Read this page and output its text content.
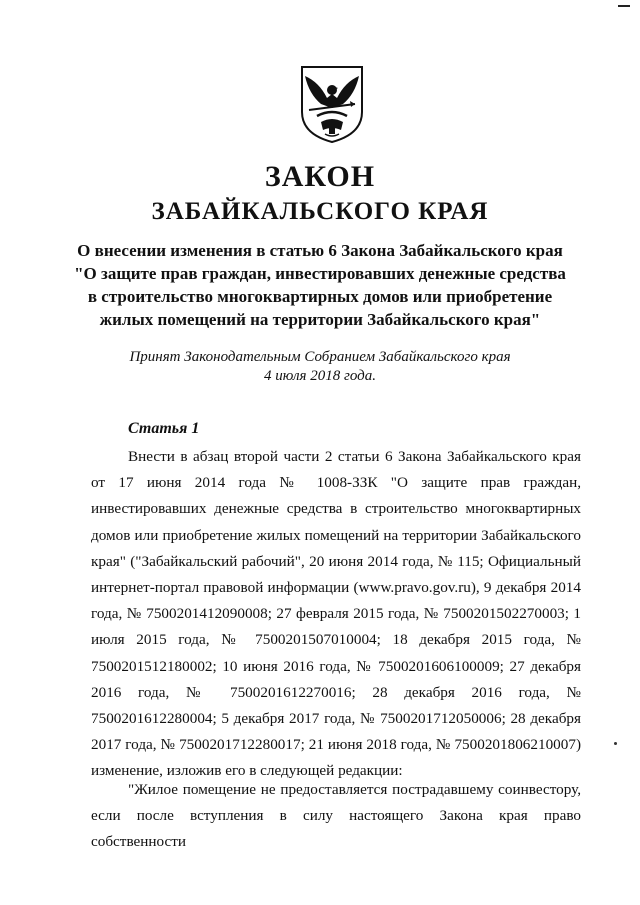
ЗАКОН
ЗАБАЙКАЛЬСКОГО КРАЯ
О внесении изменения в статью 6 Закона Забайкальского края
"О защите прав граждан, инвестировавших денежные средства
в строительство многоквартирных домов или приобретение
жилых помещений на территории Забайкальского края"
Принят Законодательным Собранием Забайкальского края
4 июля 2018 года.
Статья 1

Внести в абзац второй части 2 статьи 6 Закона Забайкальского края от 17 июня 2014 года № 1008-ЗЗК "О защите прав граждан, инвестировавших денежные средства в строительство многоквартирных домов или приобретение жилых помещений на территории Забайкальского края" ("Забайкальский рабочий", 20 июня 2014 года, № 115; Официальный интернет-портал правовой информации (www.pravo.gov.ru), 9 декабря 2014 года, № 7500201412090008; 27 февраля 2015 года, № 7500201502270003; 1 июля 2015 года, № 7500201507010004; 18 декабря 2015 года, № 7500201512180002; 10 июня 2016 года, № 7500201606100009; 27 декабря 2016 года, № 7500201612270016; 28 декабря 2016 года, № 7500201612280004; 5 декабря 2017 года, № 7500201712050006; 28 декабря 2017 года, № 7500201712280017; 21 июня 2018 года, № 7500201806210007) изменение, изложив его в следующей редакции:

"Жилое помещение не предоставляется пострадавшему соинвестору, если после вступления в силу настоящего Закона края право собственности
